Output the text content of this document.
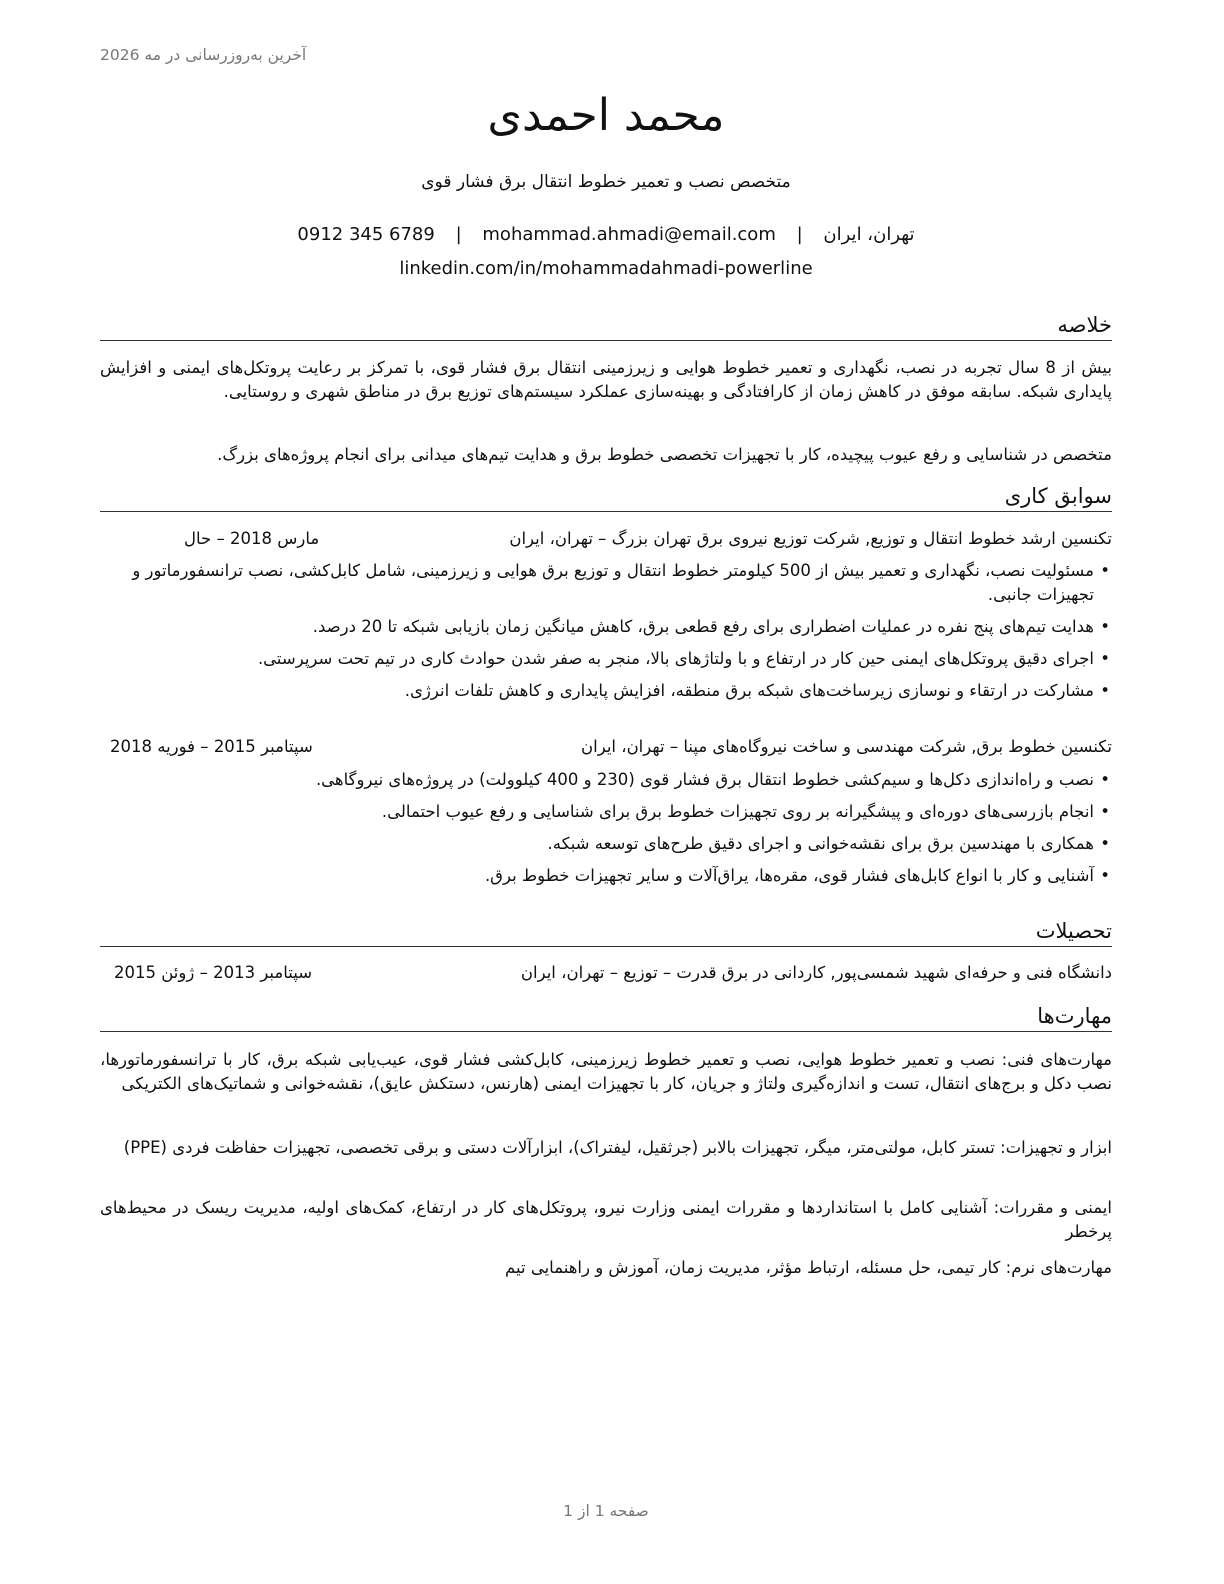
آخرین به‌روزرسانی در مه 2026
محمد احمدی
متخصص نصب و تعمیر خطوط انتقال برق فشار قوی
تهران، ایران | mohammad.ahmadi@email.com | 0912 345 6789
linkedin.com/in/mohammadahmadi-powerline
خلاصه
بیش از 8 سال تجربه در نصب، نگهداری و تعمیر خطوط هوایی و زیرزمینی انتقال برق فشار قوی، با تمرکز بر رعایت پروتکل‌های ایمنی و افزایش پایداری شبکه. سابقه موفق در کاهش زمان از کارافتادگی و بهینه‌سازی عملکرد سیستم‌های توزیع برق در مناطق شهری و روستایی.
متخصص در شناسایی و رفع عیوب پیچیده، کار با تجهیزات تخصصی خطوط برق و هدایت تیم‌های میدانی برای انجام پروژه‌های بزرگ.
سوابق کاری
تکنسین ارشد خطوط انتقال و توزیع, شرکت توزیع نیروی برق تهران بزرگ – تهران، ایران
مارس 2018 – حال
• مسئولیت نصب، نگهداری و تعمیر بیش از 500 کیلومتر خطوط انتقال و توزیع برق هوایی و زیرزمینی، شامل کابل‌کشی، نصب ترانسفورماتور و تجهیزات جانبی.
• هدایت تیم‌های پنج نفره در عملیات اضطراری برای رفع قطعی برق، کاهش میانگین زمان بازیابی شبکه تا 20 درصد.
• اجرای دقیق پروتکل‌های ایمنی حین کار در ارتفاع و با ولتاژهای بالا، منجر به صفر شدن حوادث کاری در تیم تحت سرپرستی.
• مشارکت در ارتقاء و نوسازی زیرساخت‌های شبکه برق منطقه، افزایش پایداری و کاهش تلفات انرژی.
تکنسین خطوط برق, شرکت مهندسی و ساخت نیروگاه‌های مپنا – تهران، ایران
سپتامبر 2015 – فوریه 2018
• نصب و راه‌اندازی دکل‌ها و سیم‌کشی خطوط انتقال برق فشار قوی (230 و 400 کیلوولت) در پروژه‌های نیروگاهی.
• انجام بازرسی‌های دوره‌ای و پیشگیرانه بر روی تجهیزات خطوط برق برای شناسایی و رفع عیوب احتمالی.
• همکاری با مهندسین برق برای نقشه‌خوانی و اجرای دقیق طرح‌های توسعه شبکه.
• آشنایی و کار با انواع کابل‌های فشار قوی، مقره‌ها، یراق‌آلات و سایر تجهیزات خطوط برق.
تحصیلات
دانشگاه فنی و حرفه‌ای شهید شمسی‌پور, کاردانی در برق قدرت – توزیع – تهران، ایران
سپتامبر 2013 – ژوئن 2015
مهارت‌ها
مهارت‌های فنی: نصب و تعمیر خطوط هوایی، نصب و تعمیر خطوط زیرزمینی، کابل‌کشی فشار قوی، عیب‌یابی شبکه برق، کار با ترانسفورماتورها، نصب دکل و برج‌های انتقال، تست و اندازه‌گیری ولتاژ و جریان، کار با تجهیزات ایمنی (هارنس، دستکش عایق)، نقشه‌خوانی و شماتیک‌های الکتریکی
ابزار و تجهیزات: تستر کابل، مولتی‌متر، میگر، تجهیزات بالابر (جرثقیل، لیفتراک)، ابزارآلات دستی و برقی تخصصی، تجهیزات حفاظت فردی (PPE)
ایمنی و مقررات: آشنایی کامل با استانداردها و مقررات ایمنی وزارت نیرو، پروتکل‌های کار در ارتفاع، کمک‌های اولیه، مدیریت ریسک در محیط‌های پرخطر
مهارت‌های نرم: کار تیمی، حل مسئله، ارتباط مؤثر، مدیریت زمان، آموزش و راهنمایی تیم
صفحه 1 از 1
